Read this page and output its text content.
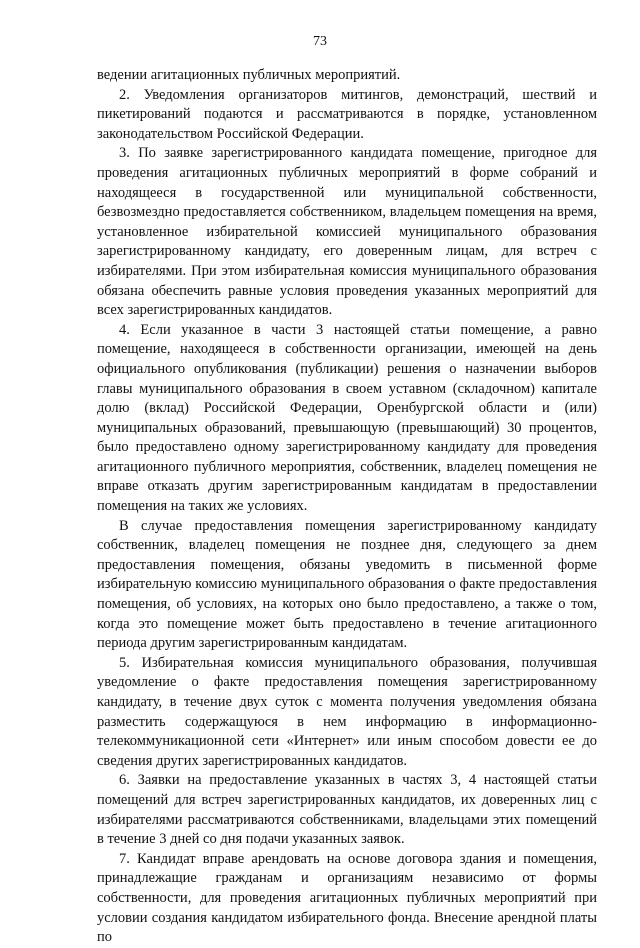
73

ведении агитационных публичных мероприятий.

2. Уведомления организаторов митингов, демонстраций, шествий и пикетирований подаются и рассматриваются в порядке, установленном законодательством Российской Федерации.

3. По заявке зарегистрированного кандидата помещение, пригодное для проведения агитационных публичных мероприятий в форме собраний и находящееся в государственной или муниципальной собственности, безвозмездно предоставляется собственником, владельцем помещения на время, установленное избирательной комиссией муниципального образования зарегистрированному кандидату, его доверенным лицам, для встреч с избирателями. При этом избирательная комиссия муниципального образования обязана обеспечить равные условия проведения указанных мероприятий для всех зарегистрированных кандидатов.

4. Если указанное в части 3 настоящей статьи помещение, а равно помещение, находящееся в собственности организации, имеющей на день официального опубликования (публикации) решения о назначении выборов главы муниципального образования в своем уставном (складочном) капитале долю (вклад) Российской Федерации, Оренбургской области и (или) муниципальных образований, превышающую (превышающий) 30 процентов, было предоставлено одному зарегистрированному кандидату для проведения агитационного публичного мероприятия, собственник, владелец помещения не вправе отказать другим зарегистрированным кандидатам в предоставлении помещения на таких же условиях.

В случае предоставления помещения зарегистрированному кандидату собственник, владелец помещения не позднее дня, следующего за днем предоставления помещения, обязаны уведомить в письменной форме избирательную комиссию муниципального образования о факте предоставления помещения, об условиях, на которых оно было предоставлено, а также о том, когда это помещение может быть предоставлено в течение агитационного периода другим зарегистрированным кандидатам.

5. Избирательная комиссия муниципального образования, получившая уведомление о факте предоставления помещения зарегистрированному кандидату, в течение двух суток с момента получения уведомления обязана разместить содержащуюся в нем информацию в информационно-телекоммуникационной сети «Интернет» или иным способом довести ее до сведения других зарегистрированных кандидатов.

6. Заявки на предоставление указанных в частях 3, 4 настоящей статьи помещений для встреч зарегистрированных кандидатов, их доверенных лиц с избирателями рассматриваются собственниками, владельцами этих помещений в течение 3 дней со дня подачи указанных заявок.

7. Кандидат вправе арендовать на основе договора здания и помещения, принадлежащие гражданам и организациям независимо от формы собственности, для проведения агитационных публичных мероприятий при условии создания кандидатом избирательного фонда. Внесение арендной платы по
